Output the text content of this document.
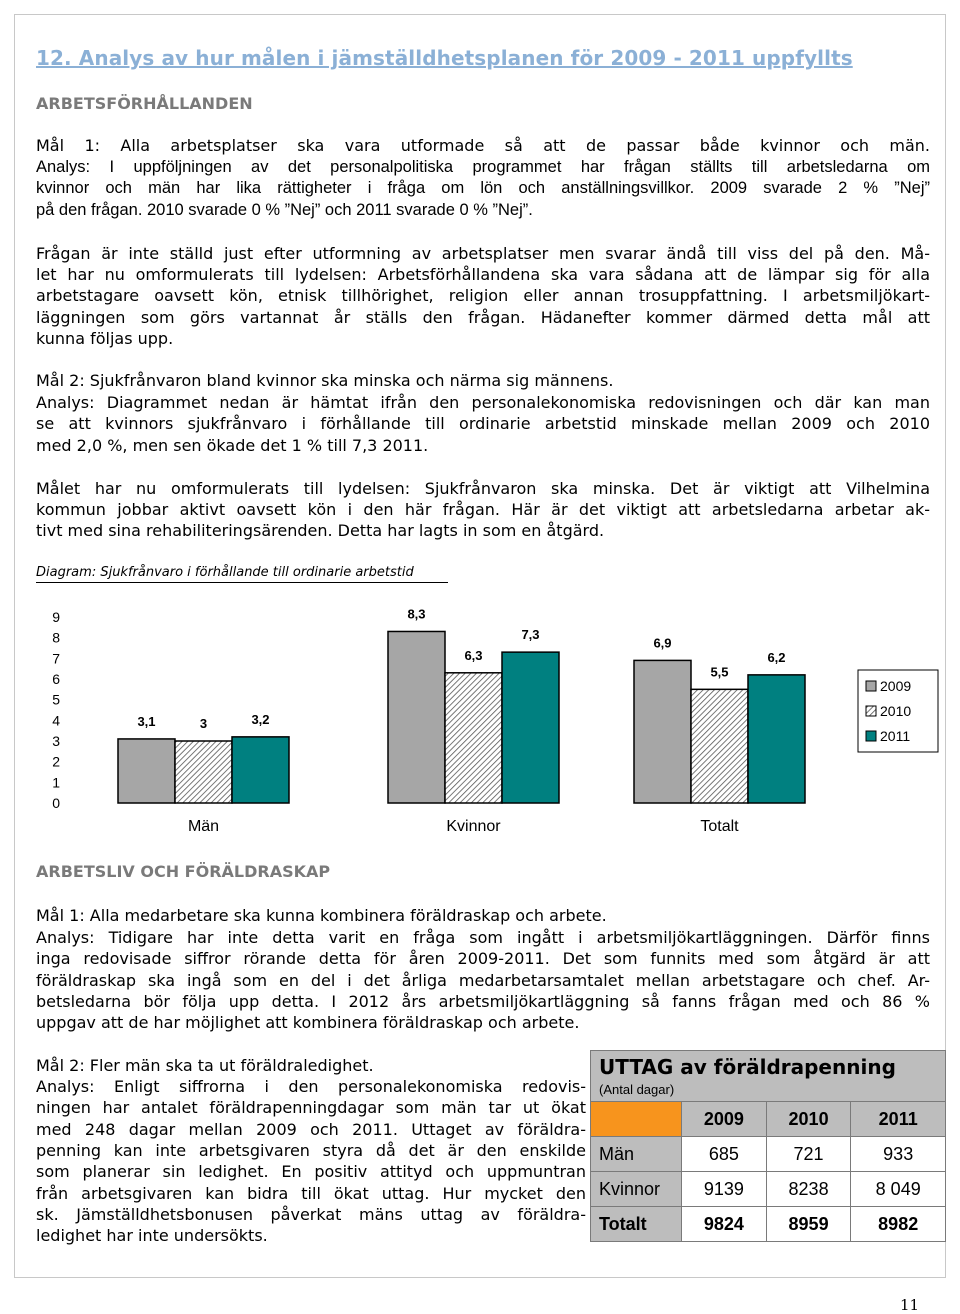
12. Analys av hur målen i jämställdhetsplanen för 2009 - 2011 uppfyllts
ARBETSFÖRHÅLLANDEN
Mål 1: Alla arbetsplatser ska vara utformade så att de passar både kvinnor och män.
Analys: I uppföljningen av det personalpolitiska programmet har frågan ställts till arbetsledarna om
kvinnor och män har lika rättigheter i fråga om lön och anställningsvillkor. 2009 svarade 2 % ”Nej”
på den frågan. 2010 svarade 0 % ”Nej” och 2011 svarade 0 % ”Nej”.
Frågan är inte ställd just efter utformning av arbetsplatser men svarar ändå till viss del på den. Må-
let har nu omformulerats till lydelsen: Arbetsförhållandena ska vara sådana att de lämpar sig för alla
arbetstagare oavsett kön, etnisk tillhörighet, religion eller annan trosuppfattning. I arbetsmiljökart-
läggningen som görs vartannat år ställs den frågan. Hädanefter kommer därmed detta mål att
kunna följas upp.
Mål 2: Sjukfrånvaron bland kvinnor ska minska och närma sig männens.
Analys: Diagrammet nedan är hämtat ifrån den personalekonomiska redovisningen och där kan man
se att kvinnors sjukfrånvaro i förhållande till ordinarie arbetstid minskade mellan 2009 och 2010
med 2,0 %, men sen ökade det 1 % till 7,3 2011.
Målet har nu omformulerats till lydelsen: Sjukfrånvaron ska minska. Det är viktigt att Vilhelmina
kommun jobbar aktivt oavsett kön i den här frågan. Här är det viktigt att arbetsledarna arbetar ak-
tivt med sina rehabiliteringsärenden. Detta har lagts in som en åtgärd.
Diagram: Sjukfrånvaro i förhållande till ordinarie arbetstid
0
1
2
3
4
5
6
7
8
9
3,1	3	3,2
Män
8,3
6,3
7,3
Kvinnor
6,9
5,5
6,2
Totalt
2009
2010
2011
ARBETSLIV OCH FÖRÄLDRASKAP
Mål 1: Alla medarbetare ska kunna kombinera föräldraskap och arbete.
Analys: Tidigare har inte detta varit en fråga som ingått i arbetsmiljökartläggningen. Därför finns
inga redovisade siffror rörande detta för åren 2009-2011. Det som funnits med som åtgärd är att
föräldraskap ska ingå som en del i det årliga medarbetarsamtalet mellan arbetstagare och chef. Ar-
betsledarna bör följa upp detta. I 2012 års arbetsmiljökartläggning så fanns frågan med och 86 %
uppgav att de har möjlighet att kombinera föräldraskap och arbete.
Mål 2: Fler män ska ta ut föräldraledighet.
Analys: Enligt siffrorna i den personalekonomiska redovis-
ningen har antalet föräldrapenningdagar som män tar ut ökat
med 248 dagar mellan 2009 och 2011. Uttaget av föräldra-
penning kan inte arbetsgivaren styra då det är den enskilde
som planerar sin ledighet. En positiv attityd och uppmuntran
från arbetsgivaren kan bidra till ökat uttag. Hur mycket den
sk. Jämställdhetsbonusen påverkat mäns uttag av föräldra-
ledighet har inte undersökts.
UTTAG av föräldrapenning
(Antal dagar)			

	2009	2010	2011
Män	685	721	933
Kvinnor	9139	8238	8 049
Totalt	9824	8959	8982
11
